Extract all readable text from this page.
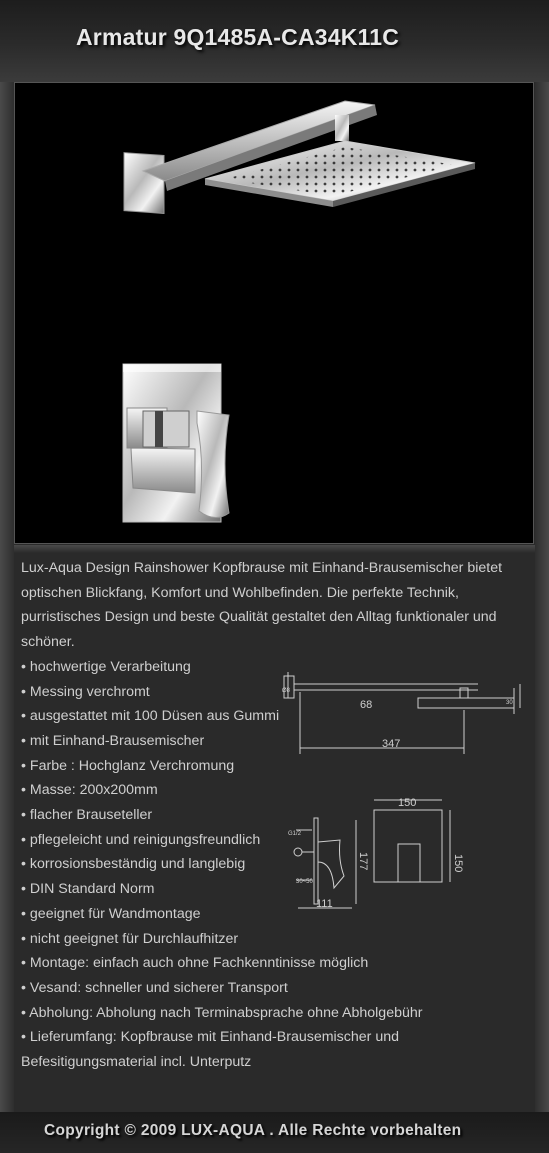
Armatur 9Q1485A-CA34K11C

Lux-Aqua Design Rainshower Kopfbrause mit Einhand-Brausemischer bietet optischen Blickfang, Komfort und Wohlbefinden. Die perfekte Technik, purristisches Design und beste Qualität gestaltet den Alltag funktionaler und schöner.

• hochwertige Verarbeitung
• Messing verchromt
• ausgestattet mit 100 Düsen aus Gummi
• mit Einhand-Brausemischer
• Farbe : Hochglanz Verchromung
• Masse: 200x200mm
• flacher Brauseteller
• pflegeleicht und reinigungsfreundlich
• korrosionsbeständig und langlebig
• DIN Standard Norm
• geeignet für Wandmontage
• nicht geeignet für Durchlaufhitzer
• Montage: einfach auch ohne Fachkenntinisse möglich
• Vesand: schneller und sicherer Transport
• Abholung: Abholung nach Terminabsprache ohne Abholgebühr
• Lieferumfang: Kopfbrause mit Einhand-Brausemischer und Befesitigungsmaterial incl. Unterputz
68
347
Ø8
30
150
150
177
111
G1/2
30~50
Copyright © 2009 LUX-AQUA . Alle Rechte vorbehalten
